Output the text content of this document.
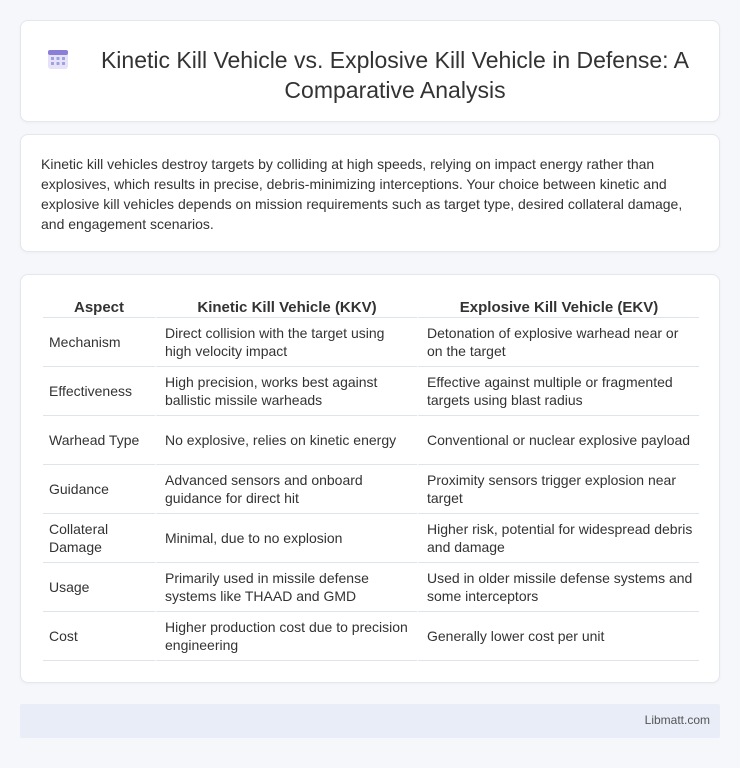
Kinetic Kill Vehicle vs. Explosive Kill Vehicle in Defense: A Comparative Analysis

Kinetic kill vehicles destroy targets by colliding at high speeds, relying on impact energy rather than explosives, which results in precise, debris-minimizing interceptions. Your choice between kinetic and explosive kill vehicles depends on mission requirements such as target type, desired collateral damage, and engagement scenarios.

Aspect	Kinetic Kill Vehicle (KKV)	Explosive Kill Vehicle (EKV)
Mechanism	Direct collision with the target using high velocity impact	Detonation of explosive warhead near or on the target
Effectiveness	High precision, works best against ballistic missile warheads	Effective against multiple or fragmented targets using blast radius
Warhead Type	No explosive, relies on kinetic energy	Conventional or nuclear explosive payload
Guidance	Advanced sensors and onboard guidance for direct hit	Proximity sensors trigger explosion near target
Collateral Damage	Minimal, due to no explosion	Higher risk, potential for widespread debris and damage
Usage	Primarily used in missile defense systems like THAAD and GMD	Used in older missile defense systems and some interceptors
Cost	Higher production cost due to precision engineering	Generally lower cost per unit
Libmatt.com
